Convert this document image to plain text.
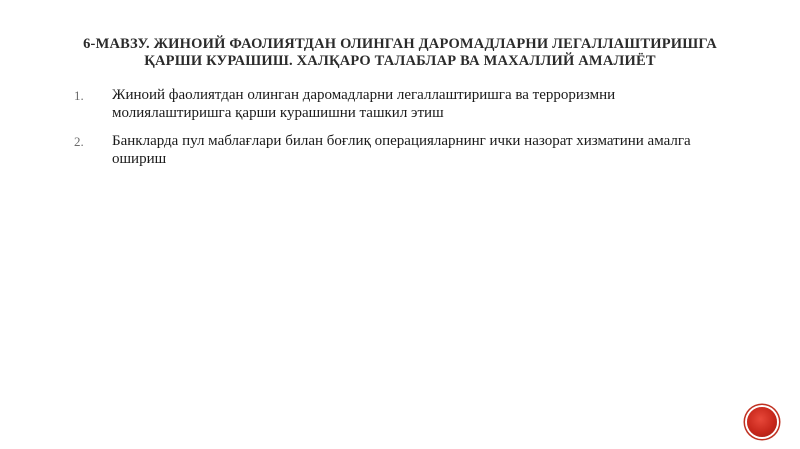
6-МАВЗУ. ЖИНОИЙ ФАОЛИЯТДАН ОЛИНГАН ДАРОМАДЛАРНИ ЛЕГАЛЛАШТИРИШГА
ҚАРШИ КУРАШИШ. ХАЛҚАРО ТАЛАБЛАР ВА МАХАЛЛИЙ АМАЛИЁТ
1. Жиноий фаолиятдан олинган даромадларни легаллаштиришга ва терроризмни молиялаштиришга қарши курашишни ташкил этиш
2. Банкларда пул маблағлари билан боғлиқ операцияларнинг ички назорат хизматини амалга ошириш
